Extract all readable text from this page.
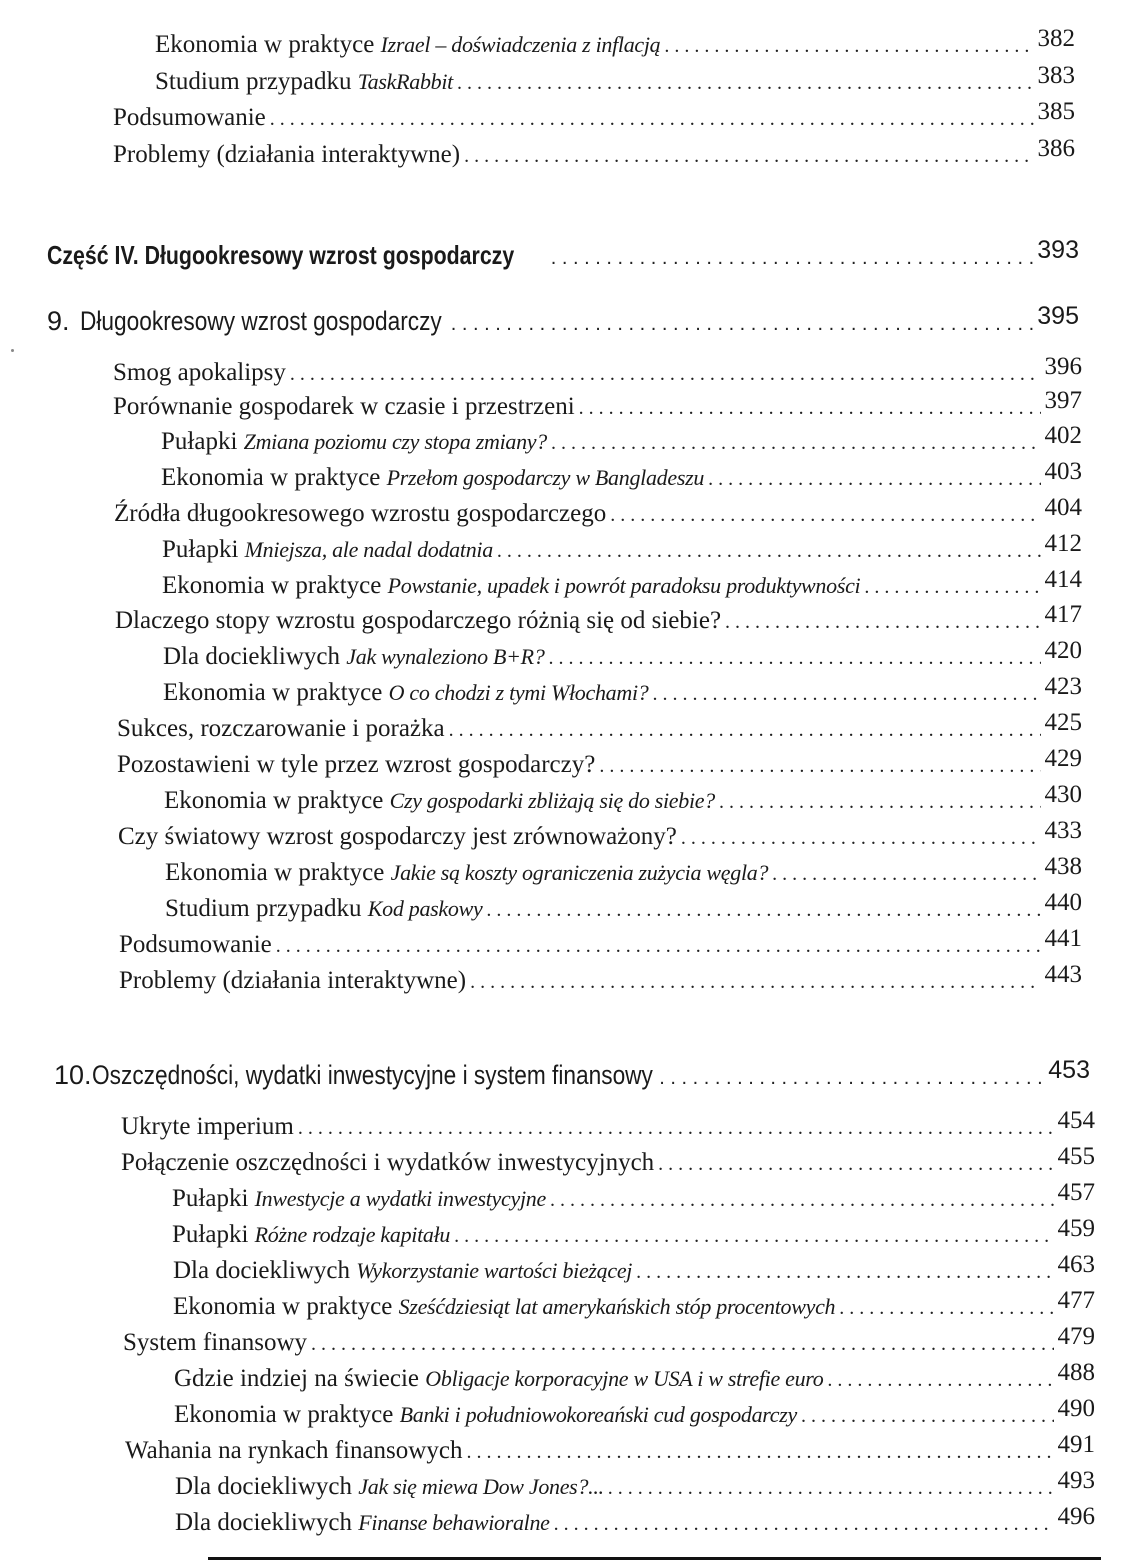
Ekonomia w praktyce Izrael – doświadczenia z inflacją . . .	382
Studium przypadku TaskRabbit . . .	383
Podsumowanie . . .	385
Problemy (działania interaktywne) . . .	386
Część IV. Długookresowy wzrost gospodarczy . . .	393
9. Długookresowy wzrost gospodarczy . . .	395
Smog apokalipsy . . .	396
Porównanie gospodarek w czasie i przestrzeni . . .	397
Pułapki Zmiana poziomu czy stopa zmiany? . . .	402
Ekonomia w praktyce Przełom gospodarczy w Bangladeszu . . .	403
Źródła długookresowego wzrostu gospodarczego . . .	404
Pułapki Mniejsza, ale nadal dodatnia . . .	412
Ekonomia w praktyce Powstanie, upadek i powrót paradoksu produktywności . . .	414
Dlaczego stopy wzrostu gospodarczego różnią się od siebie? . . .	417
Dla dociekliwych Jak wynaleziono B+R? . . .	420
Ekonomia w praktyce O co chodzi z tymi Włochami? . . .	423
Sukces, rozczarowanie i porażka . . .	425
Pozostawieni w tyle przez wzrost gospodarczy? . . .	429
Ekonomia w praktyce Czy gospodarki zbliżają się do siebie? . . .	430
Czy światowy wzrost gospodarczy jest zrównoważony? . . .	433
Ekonomia w praktyce Jakie są koszty ograniczenia zużycia węgla? . . .	438
Studium przypadku Kod paskowy . . .	440
Podsumowanie . . .	441
Problemy (działania interaktywne) . . .	443
10. Oszczędności, wydatki inwestycyjne i system finansowy . . .	453
Ukryte imperium . . .	454
Połączenie oszczędności i wydatków inwestycyjnych . . .	455
Pułapki Inwestycje a wydatki inwestycyjne . . .	457
Pułapki Różne rodzaje kapitału . . .	459
Dla dociekliwych Wykorzystanie wartości bieżącej . . .	463
Ekonomia w praktyce Sześćdziesiąt lat amerykańskich stóp procentowych . . .	477
System finansowy . . .	479
Gdzie indziej na świecie Obligacje korporacyjne w USA i w strefie euro . . .	488
Ekonomia w praktyce Banki i południowokoreański cud gospodarczy . . .	490
Wahania na rynkach finansowych . . .	491
Dla dociekliwych Jak się miewa Dow Jones?... . . .	493
Dla dociekliwych Finanse behawioralne . . .	496
